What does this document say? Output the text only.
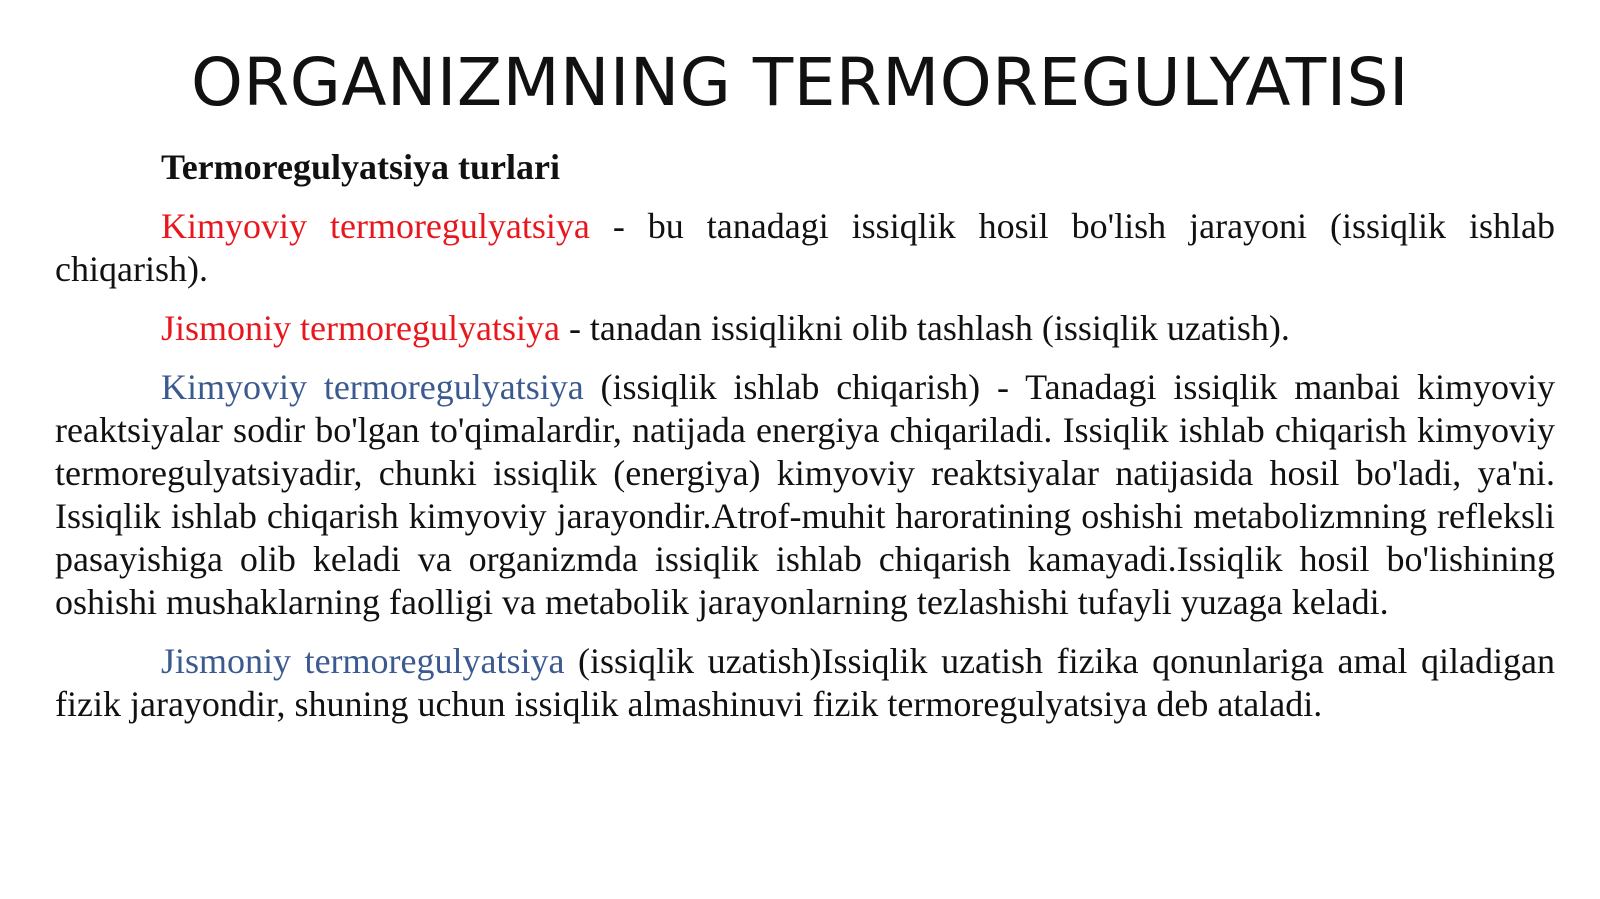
ORGANIZMNING TERMOREGULYATISI

Termoregulyatsiya turlari

Kimyoviy termoregulyatsiya - bu tanadagi issiqlik hosil bo'lish jarayoni (issiqlik ishlab chiqarish).

Jismoniy termoregulyatsiya - tanadan issiqlikni olib tashlash (issiqlik uzatish).

Kimyoviy termoregulyatsiya (issiqlik ishlab chiqarish) - Tanadagi issiqlik manbai kimyoviy reaktsiyalar sodir bo'lgan to'qimalardir, natijada energiya chiqariladi. Issiqlik ishlab chiqarish kimyoviy termoregulyatsiyadir, chunki issiqlik (energiya) kimyoviy reaktsiyalar natijasida hosil bo'ladi, ya'ni. Issiqlik ishlab chiqarish kimyoviy jarayondir.Atrof-muhit haroratining oshishi metabolizmning refleksli pasayishiga olib keladi va organizmda issiqlik ishlab chiqarish kamayadi.Issiqlik hosil bo'lishining oshishi mushaklarning faolligi va metabolik jarayonlarning tezlashishi tufayli yuzaga keladi.

Jismoniy termoregulyatsiya (issiqlik uzatish)Issiqlik uzatish fizika qonunlariga amal qiladigan fizik jarayondir, shuning uchun issiqlik almashinuvi fizik termoregulyatsiya deb ataladi.
